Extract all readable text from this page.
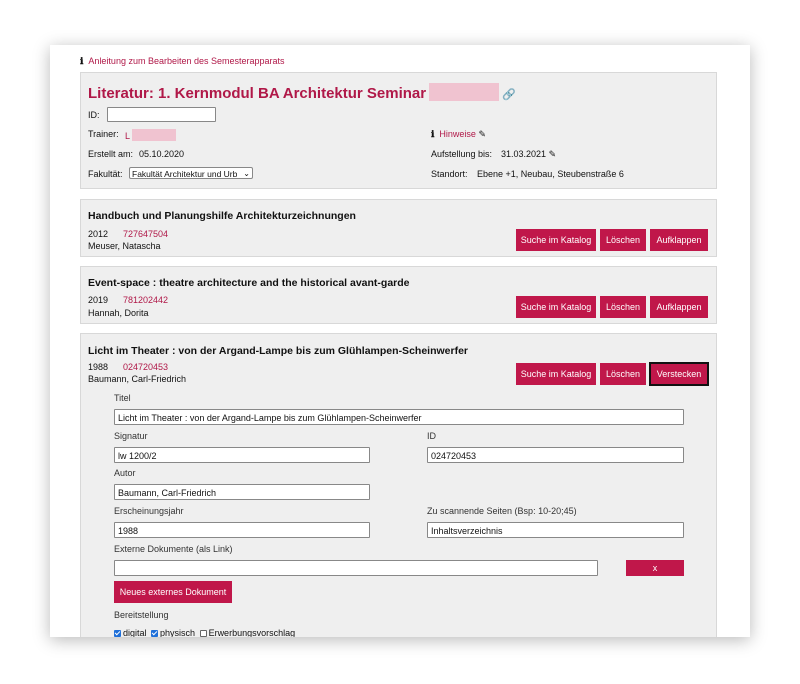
ℹ Anleitung zum Bearbeiten des Semesterapparats
Literatur: 1. Kernmodul BA Architektur Seminar	🔗
ID:
Trainer: L
Erstellt am: 05.10.2020
Fakultät:	Fakultät Architektur und Urb ⌄
ℹ Hinweise ✎
Aufstellung bis: 31.03.2021 ✎
Standort: Ebene +1, Neubau, Steubenstraße 6
Handbuch und Planungshilfe Architekturzeichnungen
2012 727647504
Meuser, Natascha
Suche im Katalog	Löschen	Aufklappen
Event-space : theatre architecture and the historical avant-garde
2019 781202442
Hannah, Dorita
Suche im Katalog	Löschen	Aufklappen
Licht im Theater : von der Argand-Lampe bis zum Glühlampen-Scheinwerfer
1988 024720453
Baumann, Carl-Friedrich	Suche im Katalog	Löschen	Verstecken
Titel
Licht im Theater : von der Argand-Lampe bis zum Glühlampen-Scheinwerfer
Signatur
lw 1200/2
ID
024720453
Autor
Baumann, Carl-Friedrich
Erscheinungsjahr
1988
Zu scannende Seiten (Bsp: 10-20;45)
Inhaltsverzeichnis
Externe Dokumente (als Link)
x
Neues externes Dokument
Bereitstellung
digital physisch Erwerbungsvorschlag
